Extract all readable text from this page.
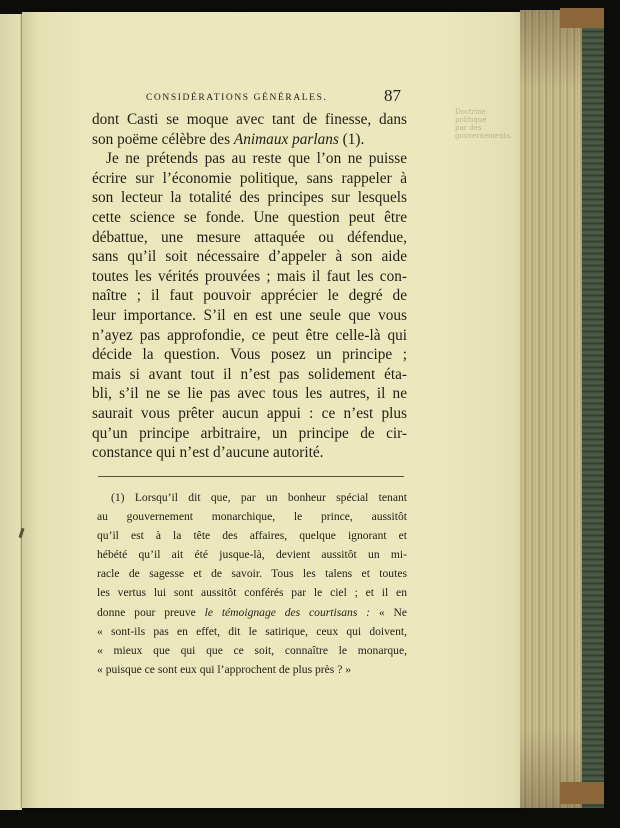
Doctrine
politique
par des
gouvernements.
CONSIDÉRATIONS GÉNÉRALES.	87
dont Casti se moque avec tant de finesse, dans
son poëme célèbre des Animaux parlans (1).
Je ne prétends pas au reste que l’on ne puisse
écrire sur l’économie politique, sans rappeler à
son lecteur la totalité des principes sur lesquels
cette science se fonde. Une question peut être
débattue, une mesure attaquée ou défendue,
sans qu’il soit nécessaire d’appeler à son aide
toutes les vérités prouvées ; mais il faut les con-
naître ; il faut pouvoir apprécier le degré de
leur importance. S’il en est une seule que vous
n’ayez pas approfondie, ce peut être celle-là qui
décide la question. Vous posez un principe ;
mais si avant tout il n’est pas solidement éta-
bli, s’il ne se lie pas avec tous les autres, il ne
saurait vous prêter aucun appui : ce n’est plus
qu’un principe arbitraire, un principe de cir-
constance qui n’est d’aucune autorité.
(1) Lorsqu’il dit que, par un bonheur spécial tenant
au gouvernement monarchique, le prince, aussitôt
qu’il est à la tête des affaires, quelque ignorant et
hébété qu’il ait été jusque-là, devient aussitôt un mi-
racle de sagesse et de savoir. Tous les talens et toutes
les vertus lui sont aussitôt conférés par le ciel ; et il en
donne pour preuve le témoignage des courtisans : « Ne
« sont-ils pas en effet, dit le satirique, ceux qui doivent,
« mieux que qui que ce soit, connaître le monarque,
« puisque ce sont eux qui l’approchent de plus près ? »
